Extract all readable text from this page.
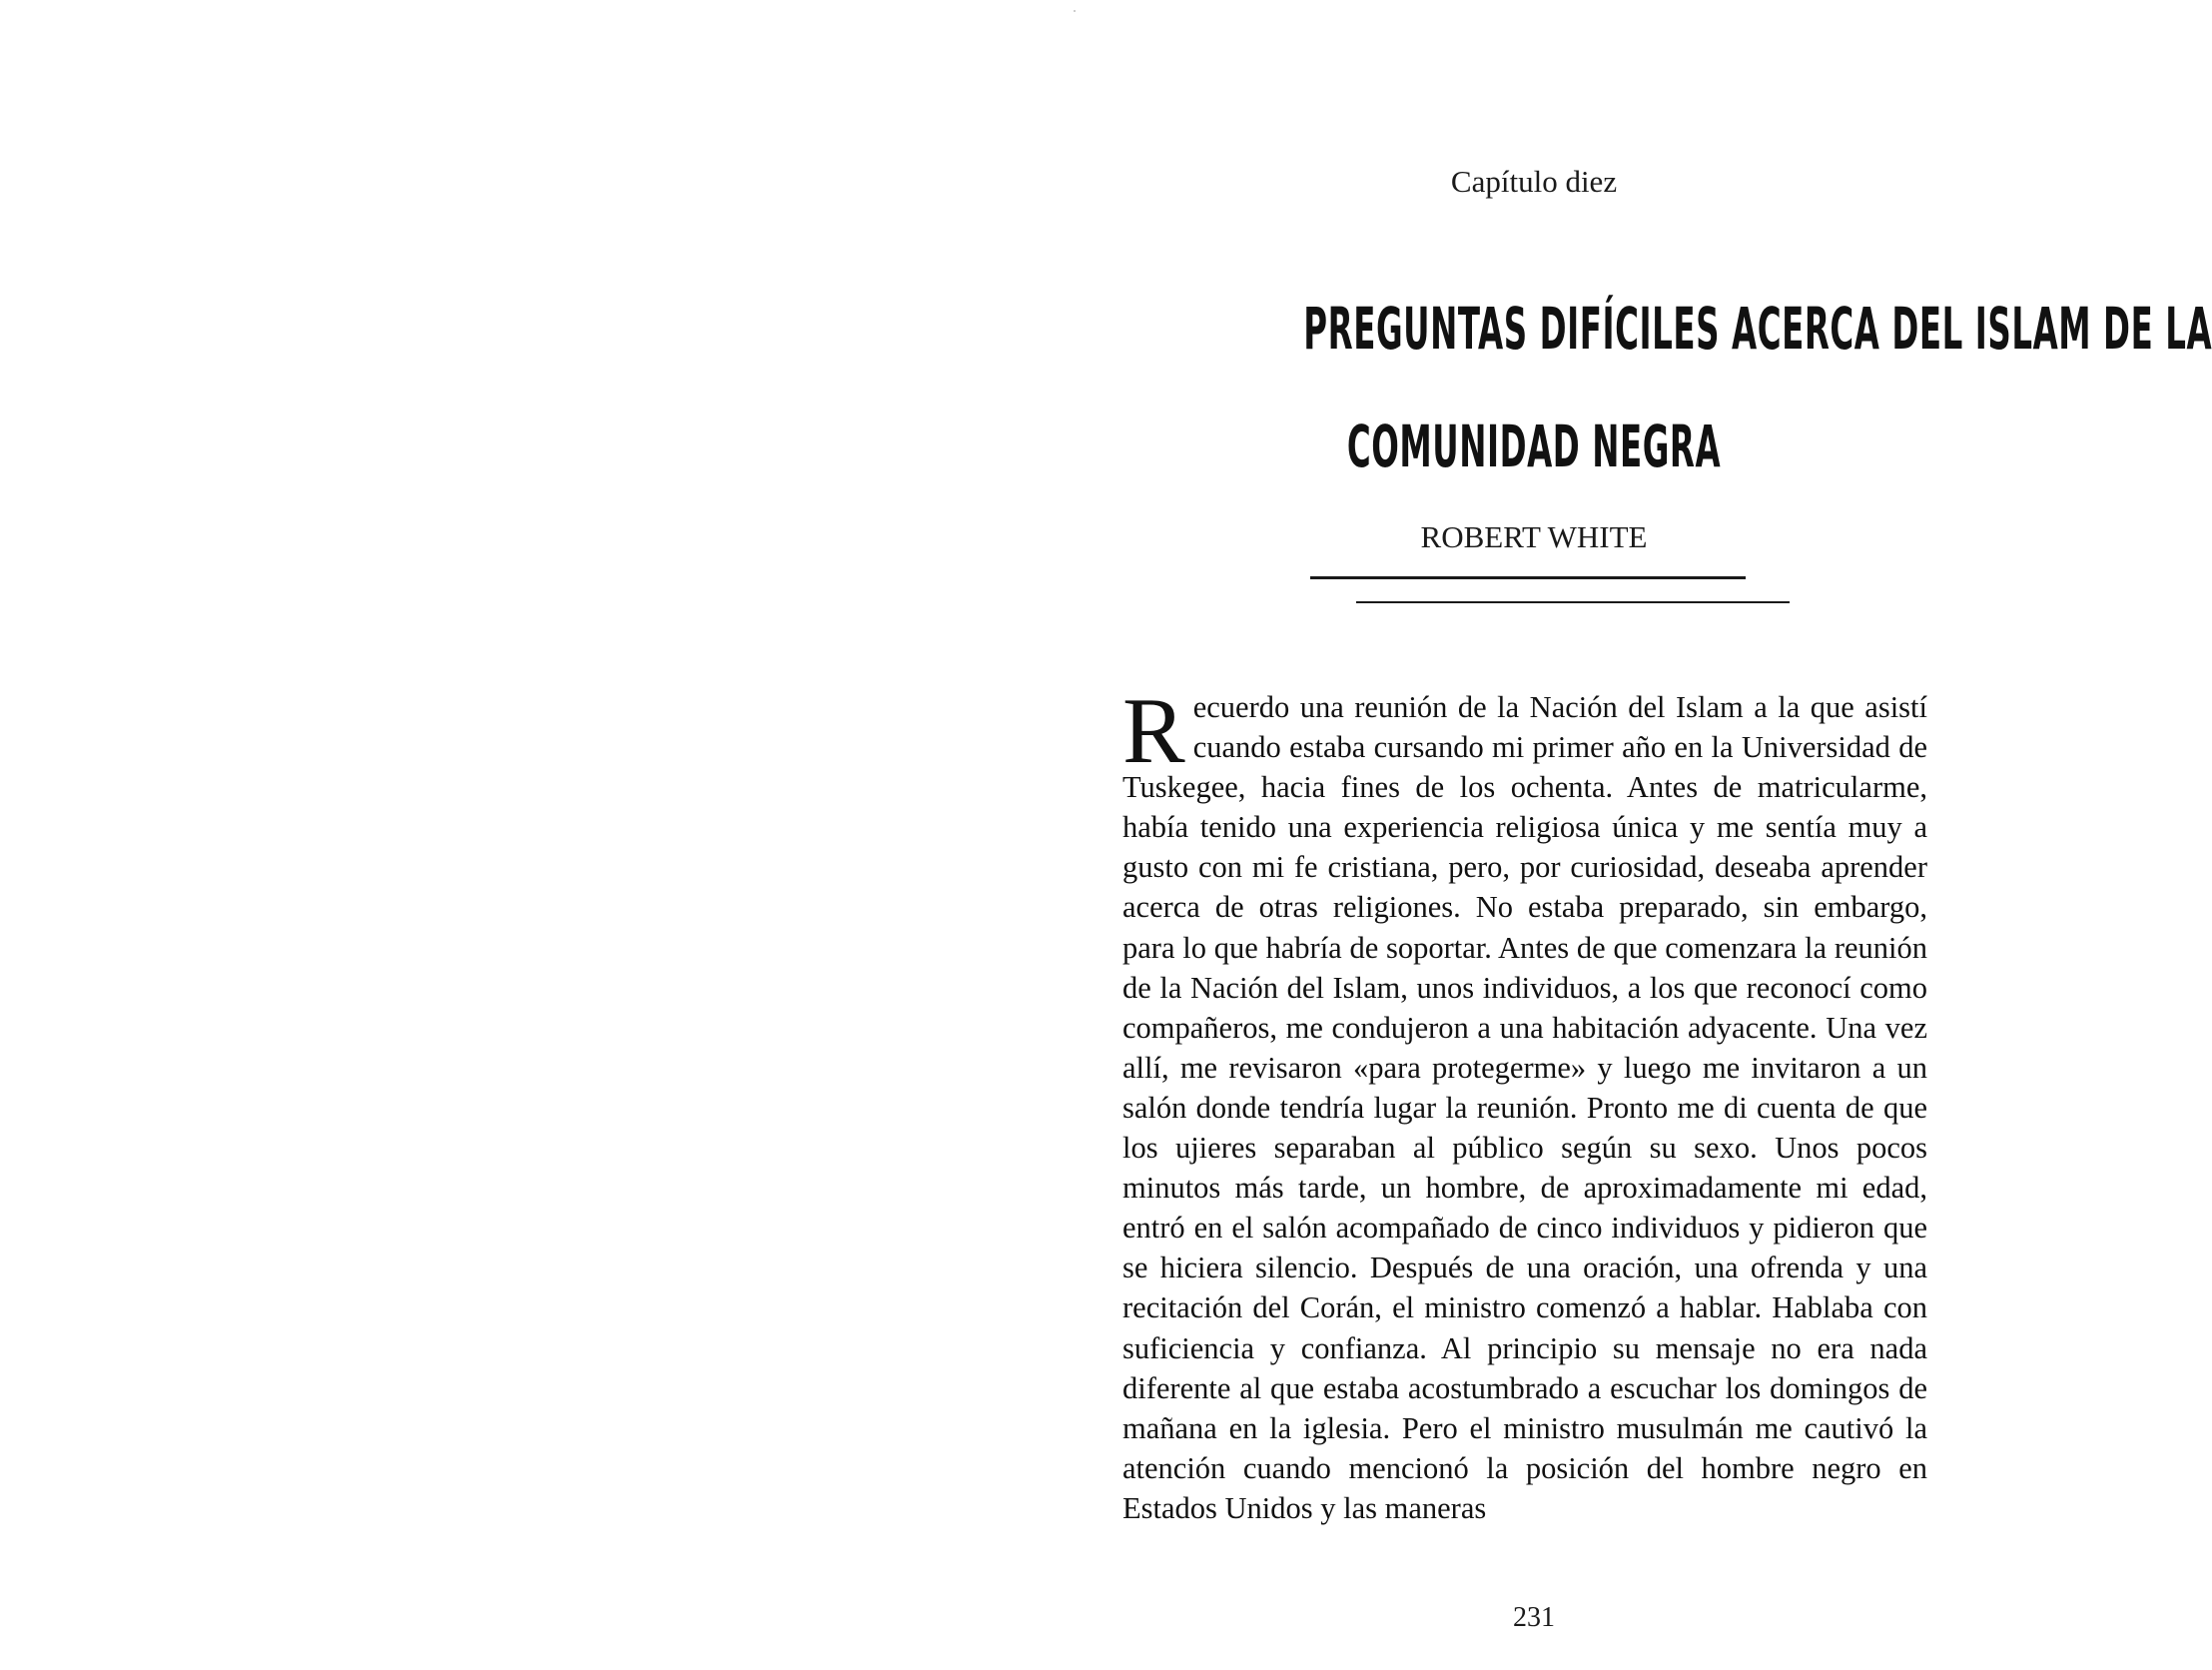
Capítulo diez
PREGUNTAS DIFÍCILES ACERCA DEL ISLAM DE LA
COMUNIDAD NEGRA
ROBERT WHITE
Recuerdo una reunión de la Nación del Islam a la que asistí cuando estaba cursando mi primer año en la Universidad de Tuskegee, hacia fines de los ochenta. Antes de matricularme, había tenido una experiencia religiosa única y me sentía muy a gusto con mi fe cristiana, pero, por curiosidad, deseaba aprender acerca de otras religiones. No estaba preparado, sin embargo, para lo que habría de soportar. Antes de que comenzara la reunión de la Nación del Islam, unos individuos, a los que reconocí como compañeros, me condujeron a una habitación adyacente. Una vez allí, me revisaron «para protegerme» y luego me invitaron a un salón donde tendría lugar la reunión. Pronto me di cuenta de que los ujieres separaban al público según su sexo. Unos pocos minutos más tarde, un hombre, de aproximadamente mi edad, entró en el salón acompañado de cinco individuos y pidieron que se hiciera silencio. Después de una oración, una ofrenda y una recitación del Corán, el ministro comenzó a hablar. Hablaba con suficiencia y confianza. Al principio su mensaje no era nada diferente al que estaba acostumbrado a escuchar los domingos de mañana en la iglesia. Pero el ministro musulmán me cautivó la atención cuando mencionó la posición del hombre negro en Estados Unidos y las maneras
231
